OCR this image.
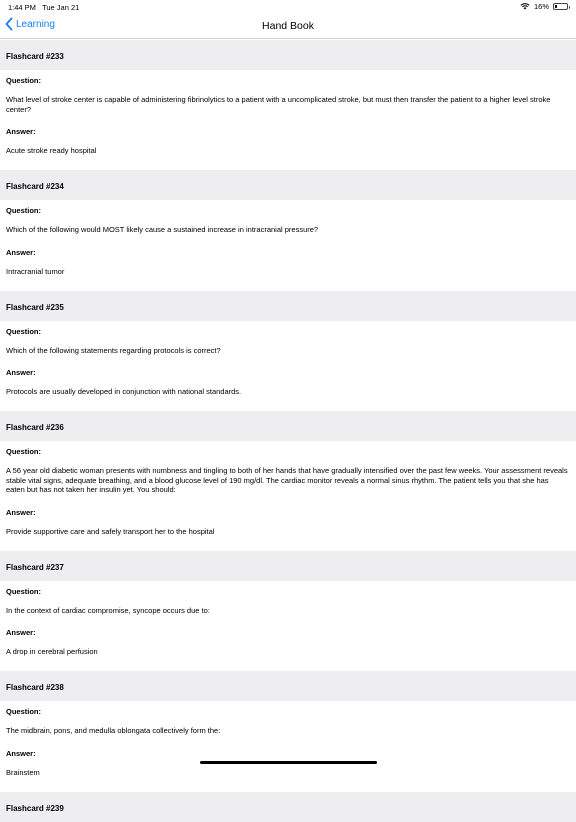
1:44 PM Tue Jan 21	16% ⚡
Learning	Hand Book
Flashcard #233
Question:
What level of stroke center is capable of administering fibrinolytics to a patient with a uncomplicated stroke, but must then transfer the patient to a higher level stroke center?
Answer:
Acute stroke ready hospital
Flashcard #234
Question:
Which of the following would MOST likely cause a sustained increase in intracranial pressure?
Answer:
Intracranial tumor
Flashcard #235
Question:
Which of the following statements regarding protocols is correct?
Answer:
Protocols are usually developed in conjunction with national standards.
Flashcard #236
Question:
A 56 year old diabetic woman presents with numbness and tingling to both of her hands that have gradually intensified over the past few weeks. Your assessment reveals stable vital signs, adequate breathing, and a blood glucose level of 190 mg/dl. The cardiac monitor reveals a normal sinus rhythm. The patient tells you that she has eaten but has not taken her insulin yet. You should:
Answer:
Provide supportive care and safely transport her to the hospital
Flashcard #237
Question:
In the context of cardiac compromise, syncope occurs due to:
Answer:
A drop in cerebral perfusion
Flashcard #238
Question:
The midbrain, pons, and medulla oblongata collectively form the:
Answer:
Brainstem
Flashcard #239
